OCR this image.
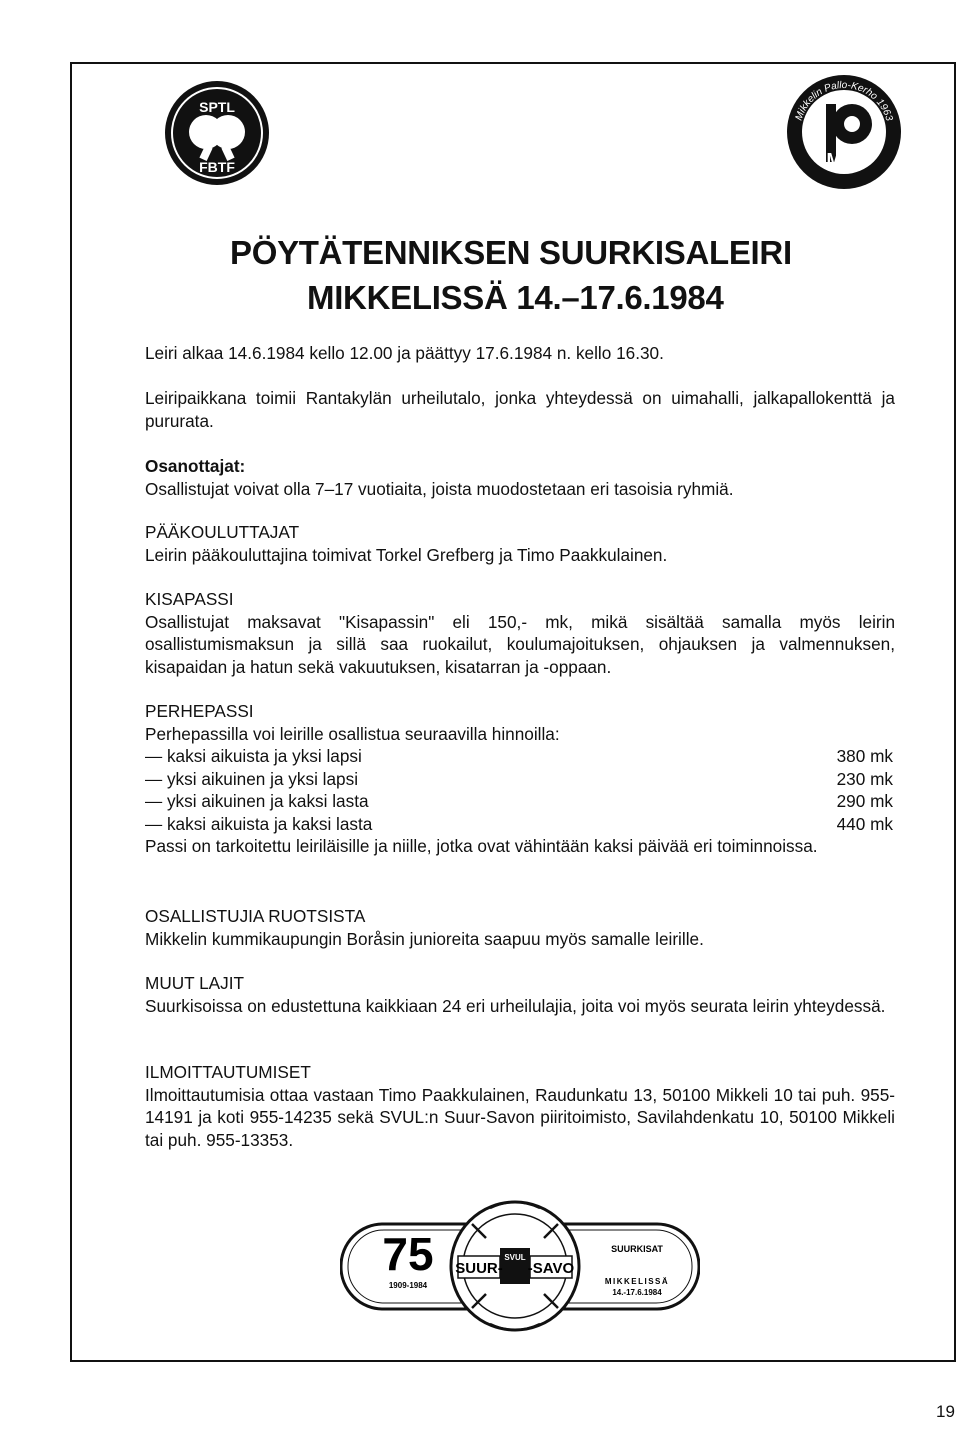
SPTL
FBTF
Mikkelin Pallo-Kerho 1963
MPS
PÖYTÄTENNIKSEN SUURKISALEIRI
MIKKELISSÄ 14.–17.6.1984

Leiri alkaa 14.6.1984 kello 12.00 ja päättyy 17.6.1984 n. kello 16.30.

Leiripaikkana toimii Rantakylän urheilutalo, jonka yhteydessä on uimahalli, jalkapallokenttä ja pururata.

Osanottajat:

Osallistujat voivat olla 7–17 vuotiaita, joista muodostetaan eri tasoisia ryhmiä.

PÄÄKOULUTTAJAT

Leirin pääkouluttajina toimivat Torkel Grefberg ja Timo Paakkulainen.

KISAPASSI

Osallistujat maksavat "Kisapassin" eli 150,- mk, mikä sisältää samalla myös leirin osallistumismaksun ja sillä saa ruokailut, koulumajoituksen, ohjauksen ja valmennuksen, kisapaidan ja hatun sekä vakuutuksen, kisatarran ja -oppaan.

PERHEPASSI

Perhepassilla voi leirille osallistua seuraavilla hinnoilla:

— kaksi aikuista ja yksi lapsi	380 mk
— yksi aikuinen ja yksi lapsi	230 mk
— yksi aikuinen ja kaksi lasta	290 mk
— kaksi aikuista ja kaksi lasta	440 mk

Passi on tarkoitettu leiriläisille ja niille, jotka ovat vähintään kaksi päivää eri toiminnoissa.

OSALLISTUJIA RUOTSISTA

Mikkelin kummikaupungin Boråsin junioreita saapuu myös samalle leirille.

MUUT LAJIT

Suurkisoissa on edustettuna kaikkiaan 24 eri urheilulajia, joita voi myös seurata leirin yhteydessä.

ILMOITTAUTUMISET

Ilmoittautumisia ottaa vastaan Timo Paakkulainen, Raudunkatu 13, 50100 Mikkeli 10 tai puh. 955-14191 ja koti 955-14235 sekä SVUL:n Suur-Savon piiritoimisto, Savilahdenkatu 10, 50100 Mikkeli tai puh. 955-13353.

SVUL
SUUR- -SAVO
75
1909-1984
SUURKISAT
MIKKELISSÄ
14.-17.6.1984
19
